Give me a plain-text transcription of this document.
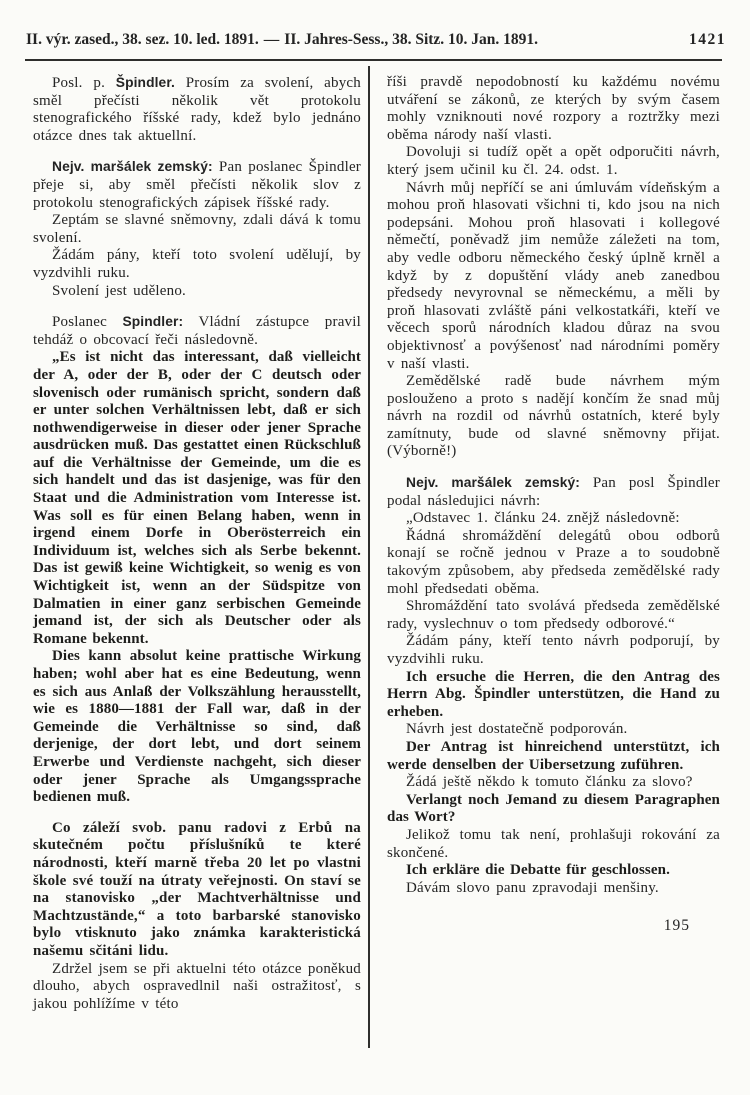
II. výr. zased., 38. sez. 10. led. 1891. — II. Jahres-Sess., 38. Sitz. 10. Jan. 1891.	1421

Posl. p. Špindler. Prosím za svolení, abych směl přečísti několik vět protokolu stenografického říšské rady, kdež bylo jednáno otázce dnes tak aktuellní.

Nejv. maršálek zemský: Pan poslanec Špindler přeje si, aby směl přečísti několik slov z protokolu stenografických zápisek říšské rady.

Zeptám se slavné sněmovny, zdali dává k tomu svolení.

Žádám pány, kteří toto svolení udělují, by vyzdvihli ruku.

Svolení jest uděleno.

Poslanec Spindler: Vládní zástupce pravil tehdáž o obcovací řeči následovně.

„Es ist nicht das interessant, daß vielleicht der A, oder der B, oder der C deutsch oder slovenisch oder rumänisch spricht, sondern daß er unter solchen Verhältnissen lebt, daß er sich nothwendigerweise in dieser oder jener Sprache ausdrücken muß. Das gestattet einen Rückschluß auf die Verhältnisse der Gemeinde, um die es sich handelt und das ist dasjenige, was für den Staat und die Administration vom Interesse ist. Was soll es für einen Belang haben, wenn in irgend einem Dorfe in Oberösterreich ein Individuum ist, welches sich als Serbe bekennt. Das ist gewiß keine Wichtigkeit, so wenig es von Wichtigkeit ist, wenn an der Südspitze von Dalmatien in einer ganz serbischen Gemeinde jemand ist, der sich als Deutscher oder als Romane bekennt.

Dies kann absolut keine prattische Wirkung haben; wohl aber hat es eine Bedeutung, wenn es sich aus Anlaß der Volkszählung herausstellt, wie es 1880—1881 der Fall war, daß in der Gemeinde die Verhältnisse so sind, daß derjenige, der dort lebt, und dort seinem Erwerbe und Verdienste nachgeht, sich dieser oder jener Sprache als Umgangssprache bedienen muß.

Co záleží svob. panu radovi z Erbů na skutečném počtu příslušníků te které národnosti, kteří marně třeba 20 let po vlastni škole své touží na útraty veřejnosti. On staví se na stanovisko „der Machtverhältnisse und Machtzustände,“ a toto barbarské stanovisko bylo vtisknuto jako známka karakteristická našemu sčitáni lidu.

Zdržel jsem se při aktuelni této otázce poněkud dlouho, abych ospravedlnil naši ostražitosť, s jakou pohlížíme v této

říši pravdě nepodobností ku každému novému utváření se zákonů, ze kterých by svým časem mohly vzniknouti nové rozpory a roztržky mezi oběma národy naší vlasti.

Dovoluji si tudíž opět a opět odporučiti návrh, který jsem učinil ku čl. 24. odst. 1.

Návrh můj nepříčí se ani úmluvám vídeňským a mohou proň hlasovati všichni ti, kdo jsou na nich podepsáni. Mohou proň hlasovati i kollegové němečtí, poněvadž jim nemůže záležeti na tom, aby vedle odboru německého český úplně krněl a když by z dopuštění vlády aneb zanedbou předsedy nevyrovnal se německému, a měli by proň hlasovati zvláště páni velkostatkáři, kteří ve věcech sporů národních kladou důraz na svou objektivnosť a povýšenosť nad národními poměry v naší vlasti.

Zemědělské radě bude návrhem mým poslouženo a proto s nadějí končím že snad můj návrh na rozdil od návrhů ostatních, které byly zamítnuty, bude od slavné sněmovny přijat. (Výborně!)

Nejv. maršálek zemský: Pan posl Špindler podal následujici návrh:

„Odstavec 1. článku 24. znějž následovně:

Řádná shromáždění delegátů obou odborů konají se ročně jednou v Praze a to soudobně takovým způsobem, aby předseda zemědělské rady mohl předsedati oběma.

Shromáždění tato svolává předseda zemědělské rady, vyslechnuv o tom předsedy odborové.“

Žádám pány, kteří tento návrh podporují, by vyzdvihli ruku.

Ich ersuche die Herren, die den Antrag des Herrn Abg. Špindler unterstützen, die Hand zu erheben.

Návrh jest dostatečně podporován.

Der Antrag ist hinreichend unterstützt, ich werde denselben der Uibersetzung zuführen.

Žádá ještě někdo k tomuto článku za slovo?

Verlangt noch Jemand zu diesem Paragraphen das Wort?

Jelikož tomu tak není, prohlašuji rokování za skončené.

Ich erkläre die Debatte für geschlossen.

Dávám slovo panu zpravodaji menšiny.

195
